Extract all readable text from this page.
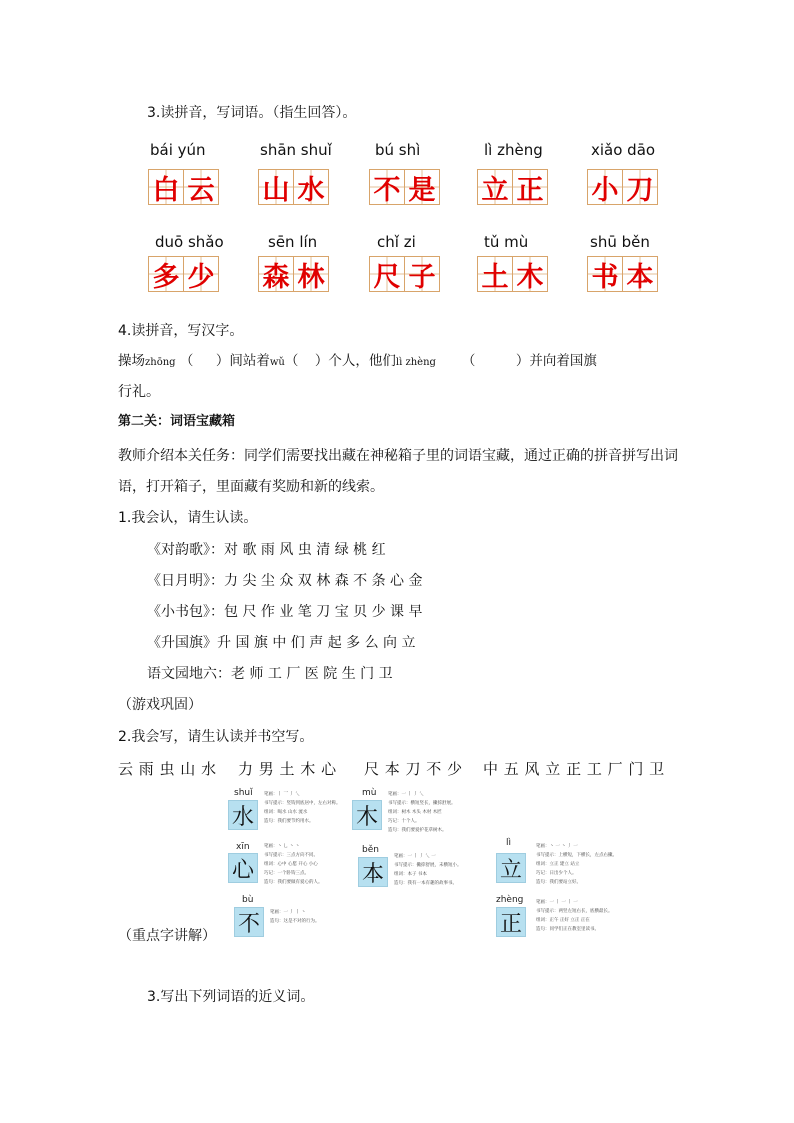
3.读拼音，写词语。（指生回答）。
bái yún
白 云
shān shuǐ
山 水
bú shì
不 是
lì zhèng
立 正
xiǎo dāo
小 刀
duō shǎo
多 少
sēn lín
森 林
chǐ zi
尺 子
tǔ mù
土 木
shū běn
书 本
4.读拼音，写汉字。
操场zhōng （ ）间站着wǔ（ ）个人，他们lì zhèng （	）并向着国旗
行礼。
第二关：词语宝藏箱
教师介绍本关任务：同学们需要找出藏在神秘箱子里的词语宝藏，通过正确的拼音拼写出词
语，打开箱子，里面藏有奖励和新的线索。
1.我会认，请生认读。
《对韵歌》：对 歌 雨 风 虫 清 绿 桃 红
《日月明》：力 尖 尘 众 双 林 森 不 条 心 金
《小书包》：包 尺 作 业 笔 刀 宝 贝 少 课 早
《升国旗》升 国 旗 中 们 声 起 多 么 向 立
语文园地六：老 师 工 厂 医 院 生 门 卫
（游戏巩固）
2.我会写，请生认读并书空写。
云 雨 虫 山 水 力 男 土 木 心 尺 本 刀 不 少 中 五 风 立 正 工 厂 门 卫
shuǐ
水
笔画：丨 乛 丿 乀
书写提示：竖钩到底居中，左右对称。
组词：喝水 山水 流水
造句：我们要节约用水。
mù
木
笔画：一 丨 丿 乀
书写提示：横短竖长，撇捺舒展。
组词：树木 木头 木材 木匠
巧记：十个人。
造句：我们要爱护花草树木。
xīn
心
笔画：丶 乚 丶 丶
书写提示：三点方向不同。
组词：心中 心愿 开心 小心
巧记：一个卧钩三点。
造句：我们要做有爱心的人。
běn
本
笔画：一 丨 丿 乀 一
书写提示：撇捺舒展，末横短小。
组词：本子 书本
造句：我有一本有趣的故事书。
lì
立
笔画：丶 一 丶 丿 一
书写提示：上横短，下横长，左点右撇。
组词：立正 建立 站立
巧记：日出少个人。
造句：我们要站立好。
bù
不 笔画：一 丿 丨 丶
造句：这是不对的行为。
zhèng
正
笔画：一 丨 一 丨 一
书写提示：两竖左短右长，底横最长。
组词：正午 正好 立正 正在
造句：同学们正在教室里读书。
（重点字讲解）
3.写出下列词语的近义词。
